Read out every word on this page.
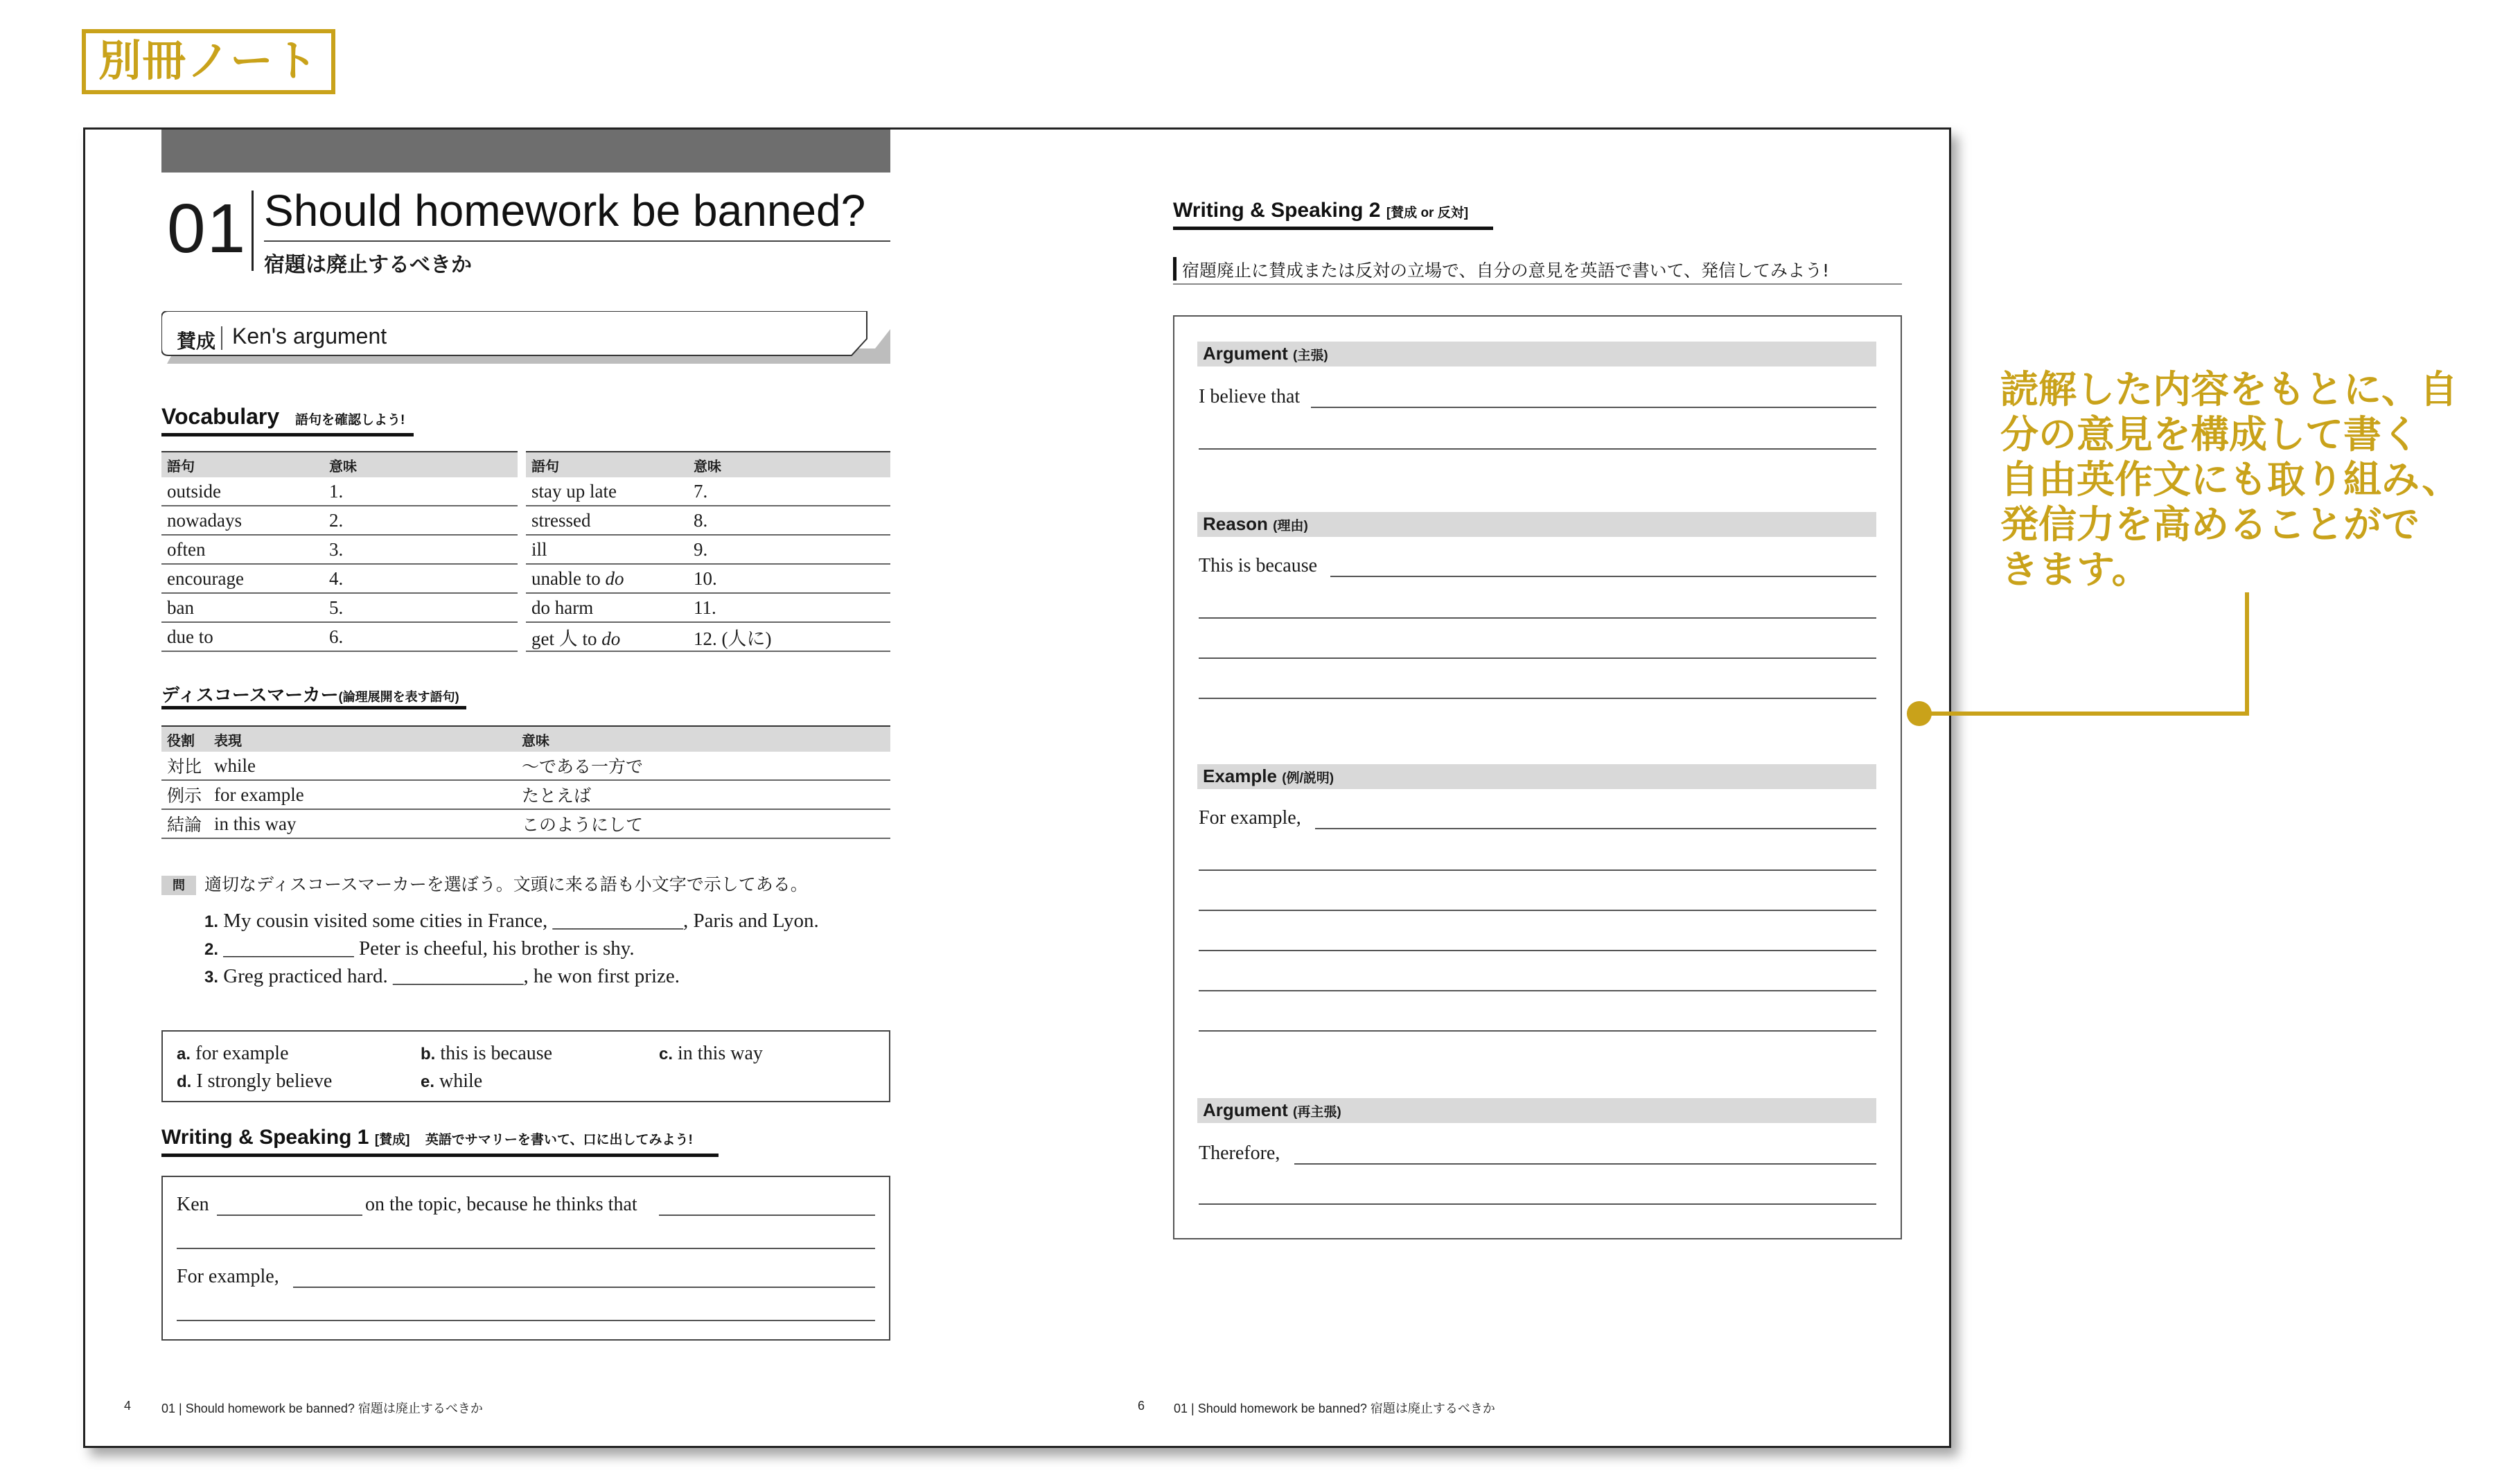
別冊ノート
01 Should homework be banned?
宿題は廃止するべきか
賛成 Ken's argument
Vocabulary 語句を確認しよう!
語句	意味		語句	意味
outside	1.		stay up late	7.
nowadays	2.		stressed	8.
often	3.		ill	9.
encourage	4.		unable to do	10.
ban	5.		do harm	11.
due to	6.		get 人 to do	12. (人に)
ディスコースマーカー(論理展開を表す語句)
役割	表現	意味
対比	while	〜である一方で
例示	for example	たとえば
結論	in this way	このようにして
問	適切なディスコースマーカーを選ぼう。文頭に来る語も小文字で示してある。
1. My cousin visited some cities in France, _____________, Paris and Lyon.
2. _____________ Peter is cheeful, his brother is shy.
3. Greg practiced hard. _____________, he won first prize.
a. for example	b. this is because	c. in this way
d. I strongly believe	e. while
Writing & Speaking 1 [賛成] 英語でサマリーを書いて、口に出してみよう!
Ken	on the topic, because he thinks that
For example,
4 01 | Should homework be banned? 宿題は廃止するべきか
Writing & Speaking 2 [賛成 or 反対]
宿題廃止に賛成または反対の立場で、自分の意見を英語で書いて、発信してみよう!
Argument (主張)
I believe that
Reason (理由)
This is because
Example (例/説明)
For example,
Argument (再主張)
Therefore,
6 01 | Should homework be banned? 宿題は廃止するべきか
読解した内容をもとに、自
分の意見を構成して書く
自由英作文にも取り組み、
発信力を高めることがで
きます。
